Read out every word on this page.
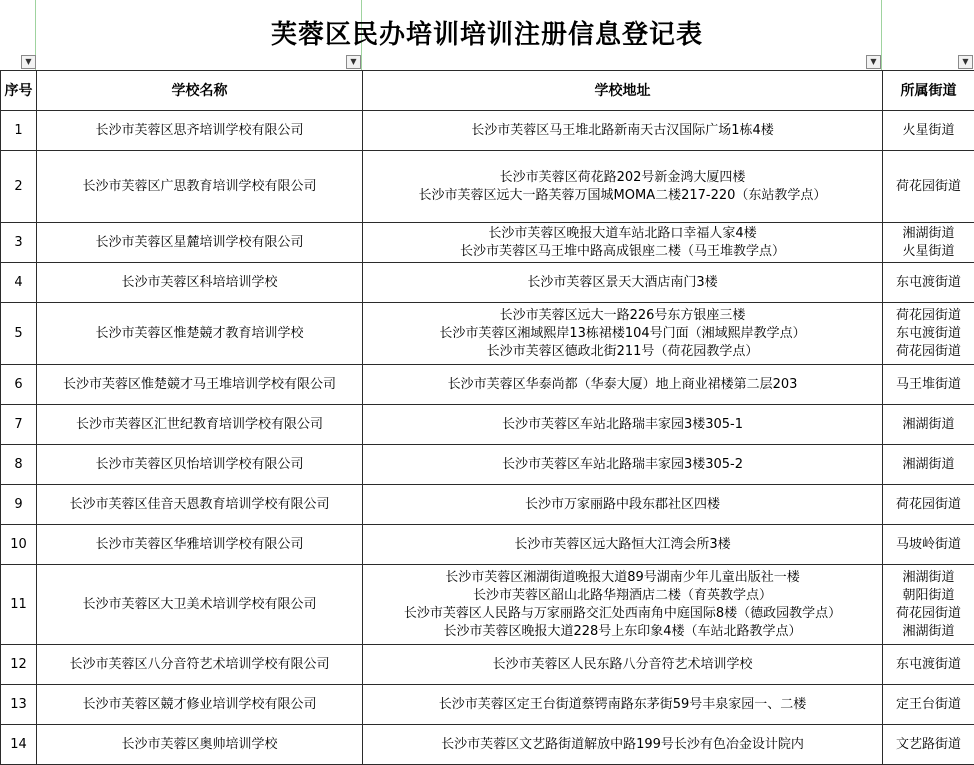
芙蓉区民办培训培训注册信息登记表
▼	▼	▼	▼
序号	学校名称	学校地址	所属街道
1	长沙市芙蓉区思齐培训学校有限公司	长沙市芙蓉区马王堆北路新南天古汉国际广场1栋4楼	火星街道

2	长沙市芙蓉区广思教育培训学校有限公司	长沙市芙蓉区荷花路202号新金鸿大厦四楼
长沙市芙蓉区远大一路芙蓉万国城MOMA二楼217-220（东站教学点）	荷花园街道

3	长沙市芙蓉区星麓培训学校有限公司	长沙市芙蓉区晚报大道车站北路口幸福人家4楼
长沙市芙蓉区马王堆中路高成银座二楼（马王堆教学点）	湘湖街道
火星街道

4	长沙市芙蓉区科培培训学校	长沙市芙蓉区景天大酒店南门3楼	东屯渡街道

5	长沙市芙蓉区惟楚競才教育培训学校	长沙市芙蓉区远大一路226号东方银座三楼
长沙市芙蓉区湘域熙岸13栋裙楼104号门面（湘域熙岸教学点）
长沙市芙蓉区德政北街211号（荷花园教学点）	荷花园街道
东屯渡街道
荷花园街道

6	长沙市芙蓉区惟楚競才马王堆培训学校有限公司	长沙市芙蓉区华泰尚都（华泰大厦）地上商业裙楼第二层203	马王堆街道

7	长沙市芙蓉区汇世纪教育培训学校有限公司	长沙市芙蓉区车站北路瑞丰家园3楼305-1	湘湖街道

8	长沙市芙蓉区贝怡培训学校有限公司	长沙市芙蓉区车站北路瑞丰家园3楼305-2	湘湖街道

9	长沙市芙蓉区佳音天恩教育培训学校有限公司	长沙市万家丽路中段东郡社区四楼	荷花园街道

10	长沙市芙蓉区华雅培训学校有限公司	长沙市芙蓉区远大路恒大江湾会所3楼	马坡岭街道

11	长沙市芙蓉区大卫美术培训学校有限公司	长沙市芙蓉区湘湖街道晚报大道89号湖南少年儿童出版社一楼
长沙市芙蓉区韶山北路华翔酒店二楼（育英教学点）
长沙市芙蓉区人民路与万家丽路交汇处西南角中庭国际8楼（德政园教学点）
长沙市芙蓉区晚报大道228号上东印象4楼（车站北路教学点）	湘湖街道
朝阳街道
荷花园街道
湘湖街道

12	长沙市芙蓉区八分音符艺术培训学校有限公司	长沙市芙蓉区人民东路八分音符艺术培训学校	东屯渡街道

13	长沙市芙蓉区競才修业培训学校有限公司	长沙市芙蓉区定王台街道蔡锷南路东茅街59号丰泉家园一、二楼	定王台街道

14	长沙市芙蓉区奥帅培训学校	长沙市芙蓉区文艺路街道解放中路199号长沙有色冶金设计院内	文艺路街道
